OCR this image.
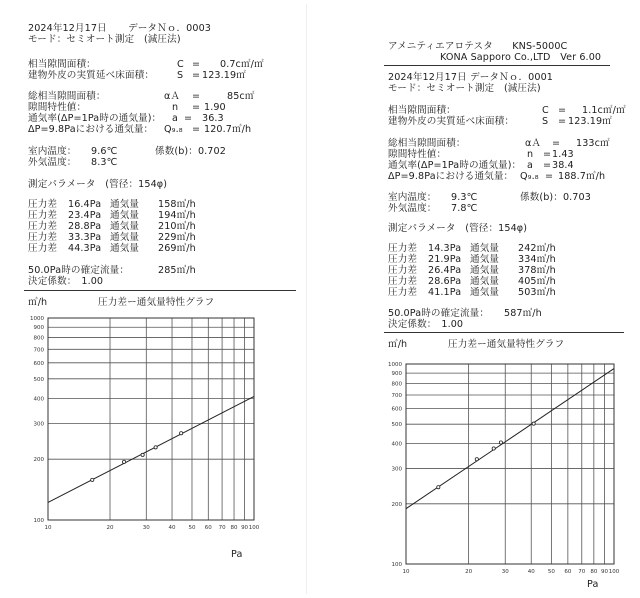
2024年12月17日 データＮｏ．0003
モード：セミオート測定　(減圧法)
相当隙間面積：	C = 0.7c㎡/㎡
建物外皮の実質延べ床面積： S = 123.19㎡
総相当隙間面積：	αＡ =	85c㎡
隙間特性値：	n = 1.90
通気率(ΔP=1Pa時の通気量)： a = 36.3
ΔP=9.8Paにおける通気量： Q₉.₈ = 120.7㎥/h
室内温度：　　9.6℃	係数(b)：0.702
外気温度：　　8.3℃
測定パラメータ　(管径：154φ)
圧力差 16.4Pa 通気量 158㎥/h
圧力差 23.4Pa 通気量 194㎥/h
圧力差 28.8Pa 通気量 210㎥/h
圧力差 33.3Pa 通気量 229㎥/h
圧力差 44.3Pa 通気量 269㎥/h
50.0Pa時の確定流量：	285㎥/h
決定係数：　1.00
㎥/h	圧力差ー通気量特性グラフ
10	20	30	40 50 60 70 80 90 100
1000
900
800
700
600
500
400
300
200
100
Pa
アメニティエアロテスタ　　KNS-5000C
KONA Sapporo Co.,LTD　Ver 6.00
2024年12月17日 データＮｏ．0001
モード：セミオート測定　(減圧法)
相当隙間面積：	C = 1.1c㎡/㎡
建物外皮の実質延べ床面積：	S = 123.19㎡
総相当隙間面積：	αＡ = 133c㎡
隙間特性値：	n = 1.43
通気率(ΔP=1Pa時の通気量)： a = 38.4
ΔP=9.8Paにおける通気量： Q₉.₈ = 188.7㎥/h
室内温度：　　9.3℃	係数(b)：0.703
外気温度：　　7.8℃
測定パラメータ　(管径：154φ)
圧力差 14.3Pa 通気量 242㎥/h
圧力差 21.9Pa 通気量 334㎥/h
圧力差 26.4Pa 通気量 378㎥/h
圧力差 28.6Pa 通気量 405㎥/h
圧力差 41.1Pa 通気量 503㎥/h
50.0Pa時の確定流量： 587㎥/h
決定係数：　1.00
㎥/h	圧力差ー通気量特性グラフ
10	20	30	40 50 60 70 80 90 100
1000
900
800
700
600
500
400
300
200
100
Pa
